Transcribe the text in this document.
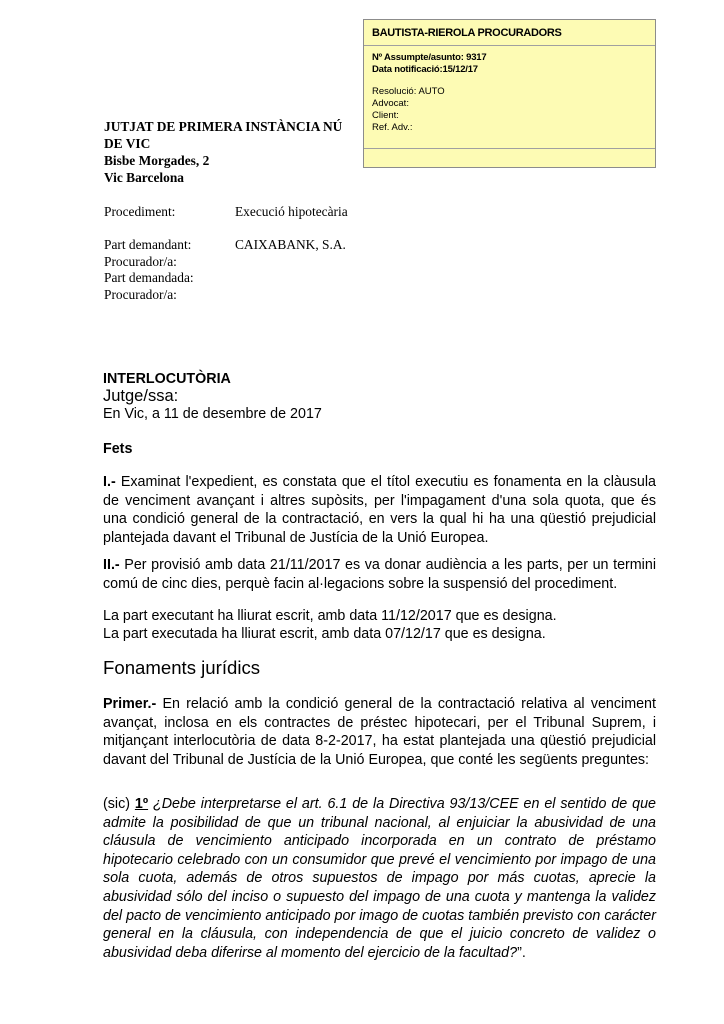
BAUTISTA-RIEROLA PROCURADORS
Nº Assumpte/asunto: 9317
Data notificació:15/12/17
Resolució: AUTO
Advocat:
Client:
Ref. Adv.:
JUTJAT DE PRIMERA INSTÀNCIA NÚ
DE VIC
Bisbe Morgades, 2
Vic Barcelona
Procediment:	Execució hipotecària
Part demandant:	CAIXABANK, S.A.
Procurador/a:
Part demandada:
Procurador/a:
INTERLOCUTÒRIA
Jutge/ssa:
En Vic, a 11 de desembre de 2017
Fets
I.- Examinat l'expedient, es constata que el títol executiu es fonamenta en la clàusula de venciment avançant i altres supòsits, per l'impagament d'una sola quota, que és una condició general de la contractació, en vers la qual hi ha una qüestió prejudicial plantejada davant el Tribunal de Justícia de la Unió Europea.
II.- Per provisió amb data 21/11/2017 es va donar audiència a les parts, per un termini comú de cinc dies, perquè facin al·legacions sobre la suspensió del procediment.
La part executant ha lliurat escrit, amb data 11/12/2017 que es designa.
La part executada ha lliurat escrit, amb data 07/12/17 que es designa.
Fonaments jurídics
Primer.- En relació amb la condició general de la contractació relativa al venciment avançat, inclosa en els contractes de préstec hipotecari, per el Tribunal Suprem, i mitjançant interlocutòria de data 8-2-2017, ha estat plantejada una qüestió prejudicial davant del Tribunal de Justícia de la Unió Europea, que conté les següents preguntes:
(sic) 1º ¿Debe interpretarse el art. 6.1 de la Directiva 93/13/CEE en el sentido de que admite la posibilidad de que un tribunal nacional, al enjuiciar la abusividad de una cláusula de vencimiento anticipado incorporada en un contrato de préstamo hipotecario celebrado con un consumidor que prevé el vencimiento por impago de una sola cuota, además de otros supuestos de impago por más cuotas, aprecie la abusividad sólo del inciso o supuesto del impago de una cuota y mantenga la validez del pacto de vencimiento anticipado por imago de cuotas también previsto con carácter general en la cláusula, con independencia de que el juicio concreto de validez o abusividad deba diferirse al momento del ejercicio de la facultad?”.
